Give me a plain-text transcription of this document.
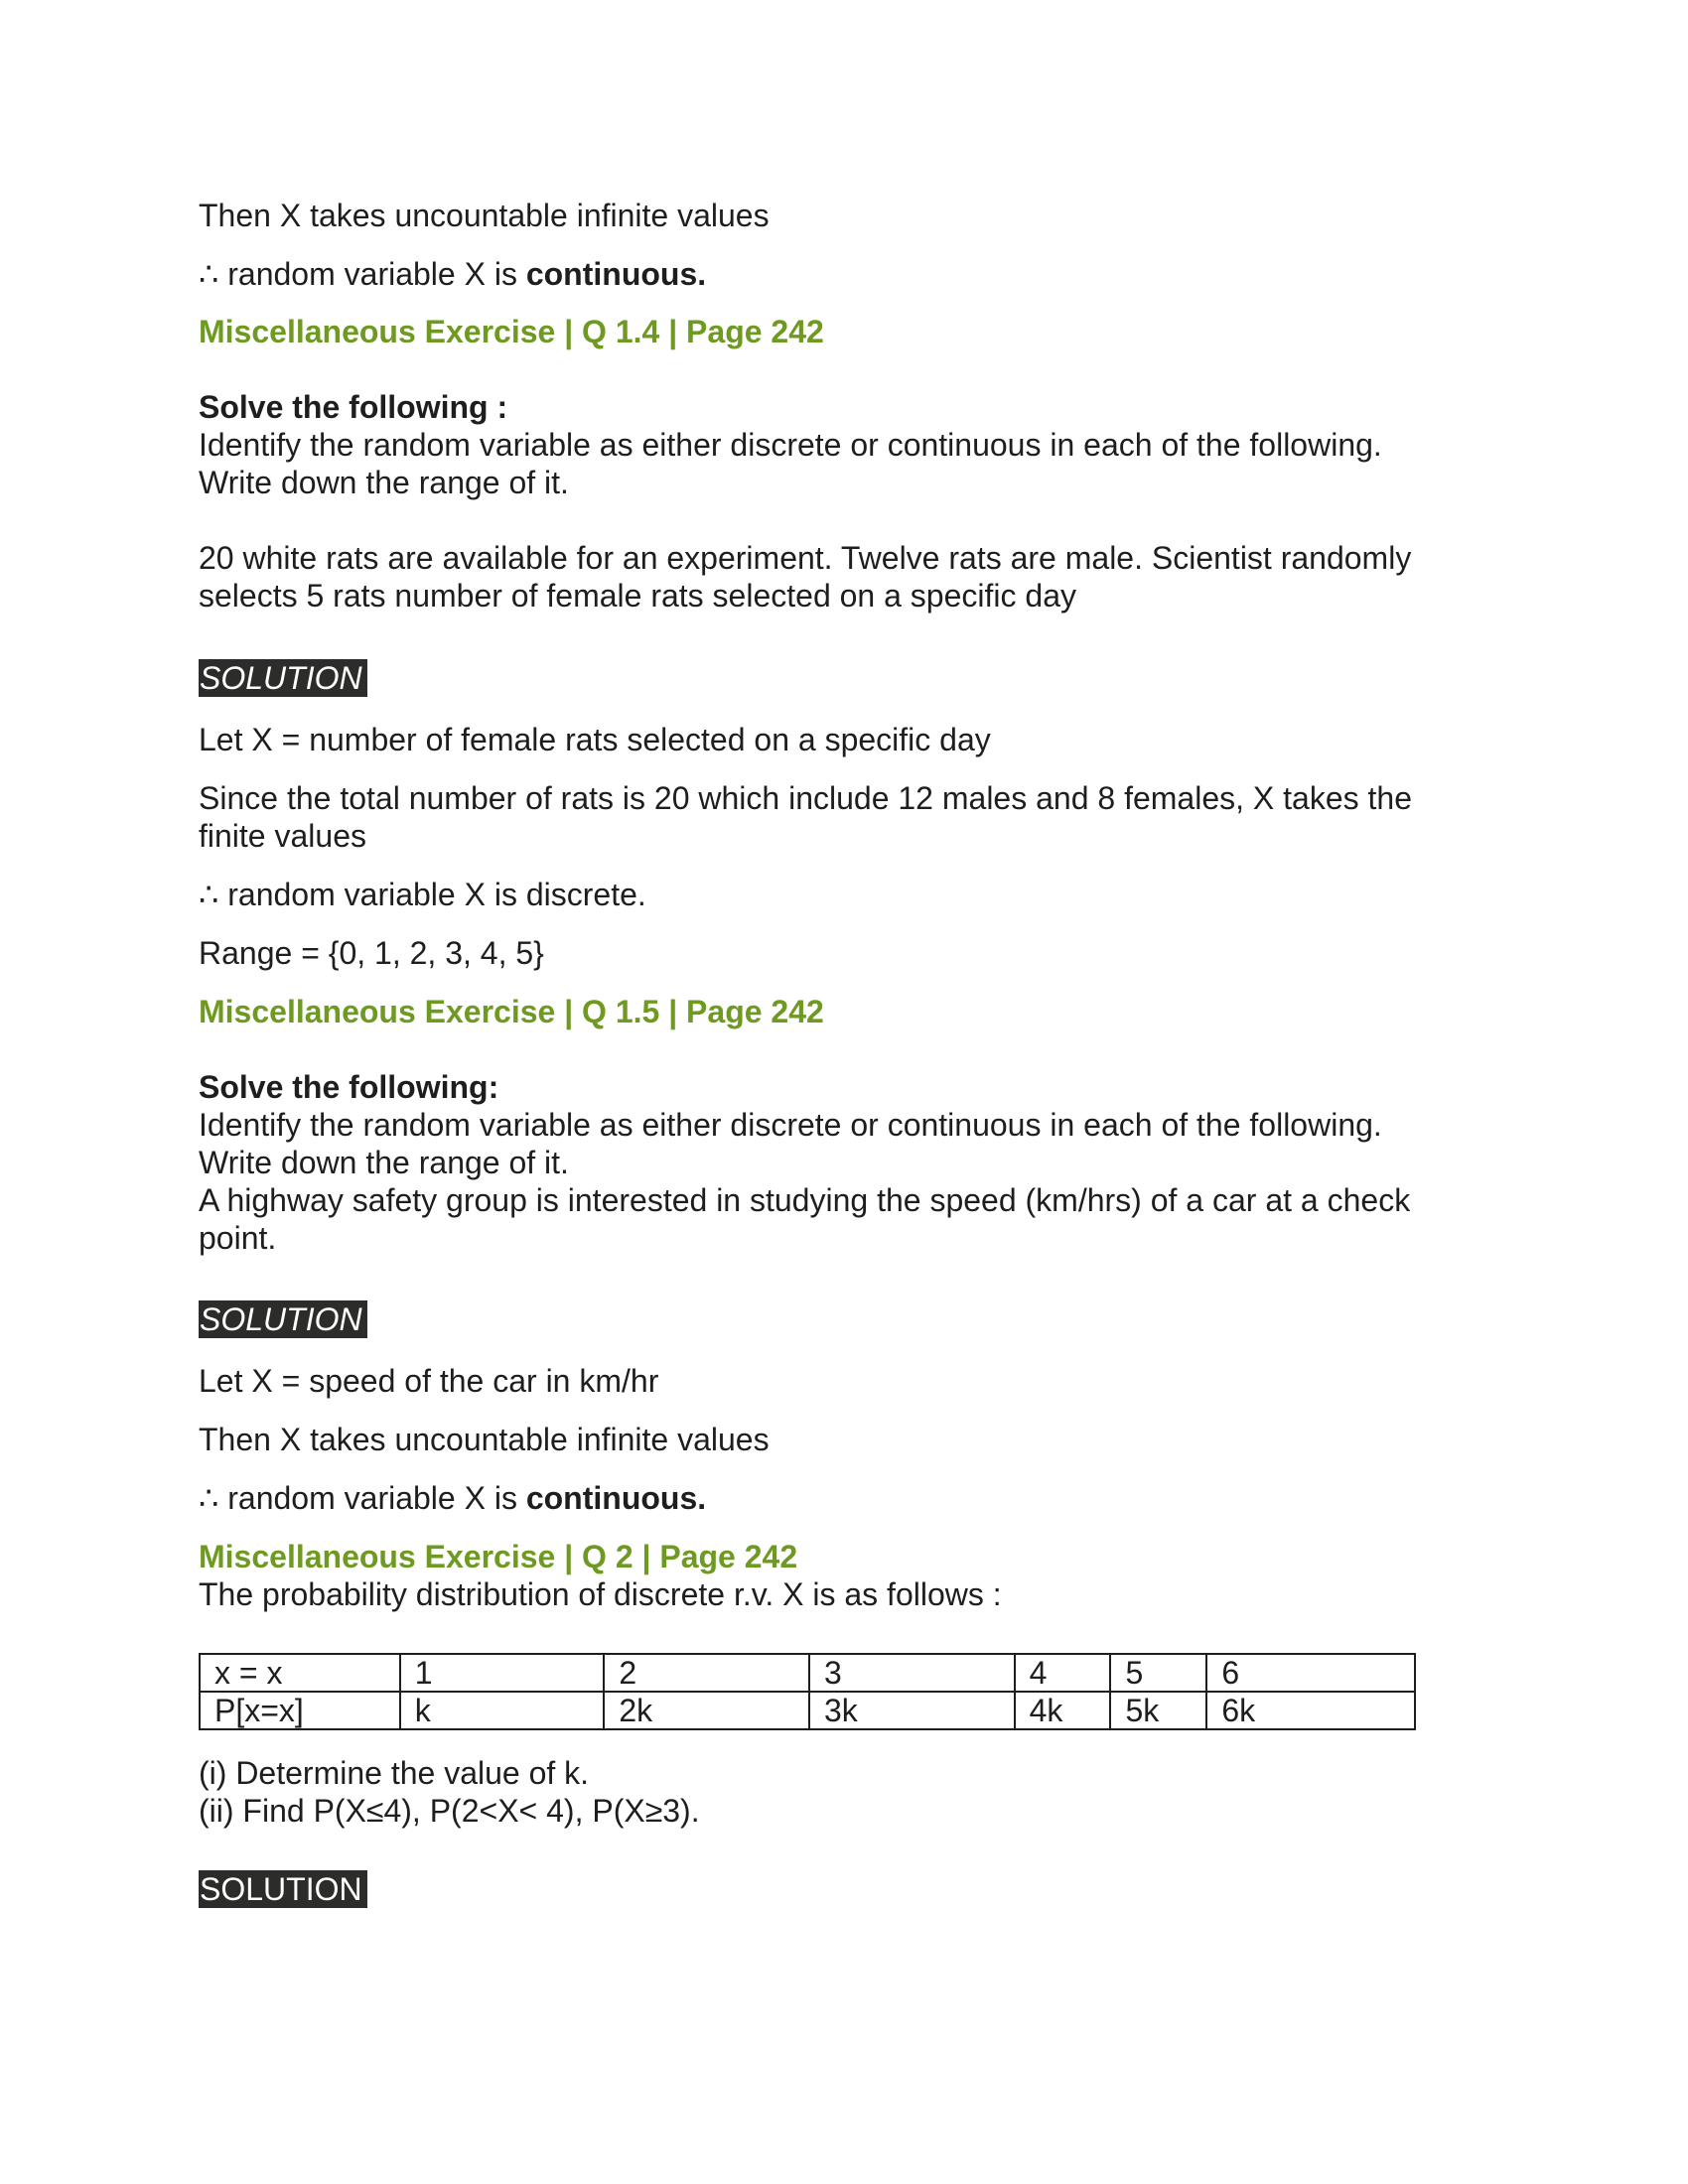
Then X takes uncountable infinite values

∴ random variable X is continuous.

Miscellaneous Exercise | Q 1.4 | Page 242

Solve the following :

Identify the random variable as either discrete or continuous in each of the following.

Write down the range of it.

20 white rats are available for an experiment. Twelve rats are male. Scientist randomly

selects 5 rats number of female rats selected on a specific day

SOLUTION

Let X = number of female rats selected on a specific day

Since the total number of rats is 20 which include 12 males and 8 females, X takes the

finite values

∴ random variable X is discrete.

Range = {0, 1, 2, 3, 4, 5}

Miscellaneous Exercise | Q 1.5 | Page 242

Solve the following:

Identify the random variable as either discrete or continuous in each of the following.

Write down the range of it.

A highway safety group is interested in studying the speed (km/hrs) of a car at a check

point.

SOLUTION

Let X = speed of the car in km/hr

Then X takes uncountable infinite values

∴ random variable X is continuous.

Miscellaneous Exercise | Q 2 | Page 242

The probability distribution of discrete r.v. X is as follows :

x = x	1	2	3	4	5	6
P[x=x]	k	2k	3k	4k	5k	6k

(i) Determine the value of k.

(ii) Find P(X≤4), P(2<X< 4), P(X≥3).

SOLUTION
